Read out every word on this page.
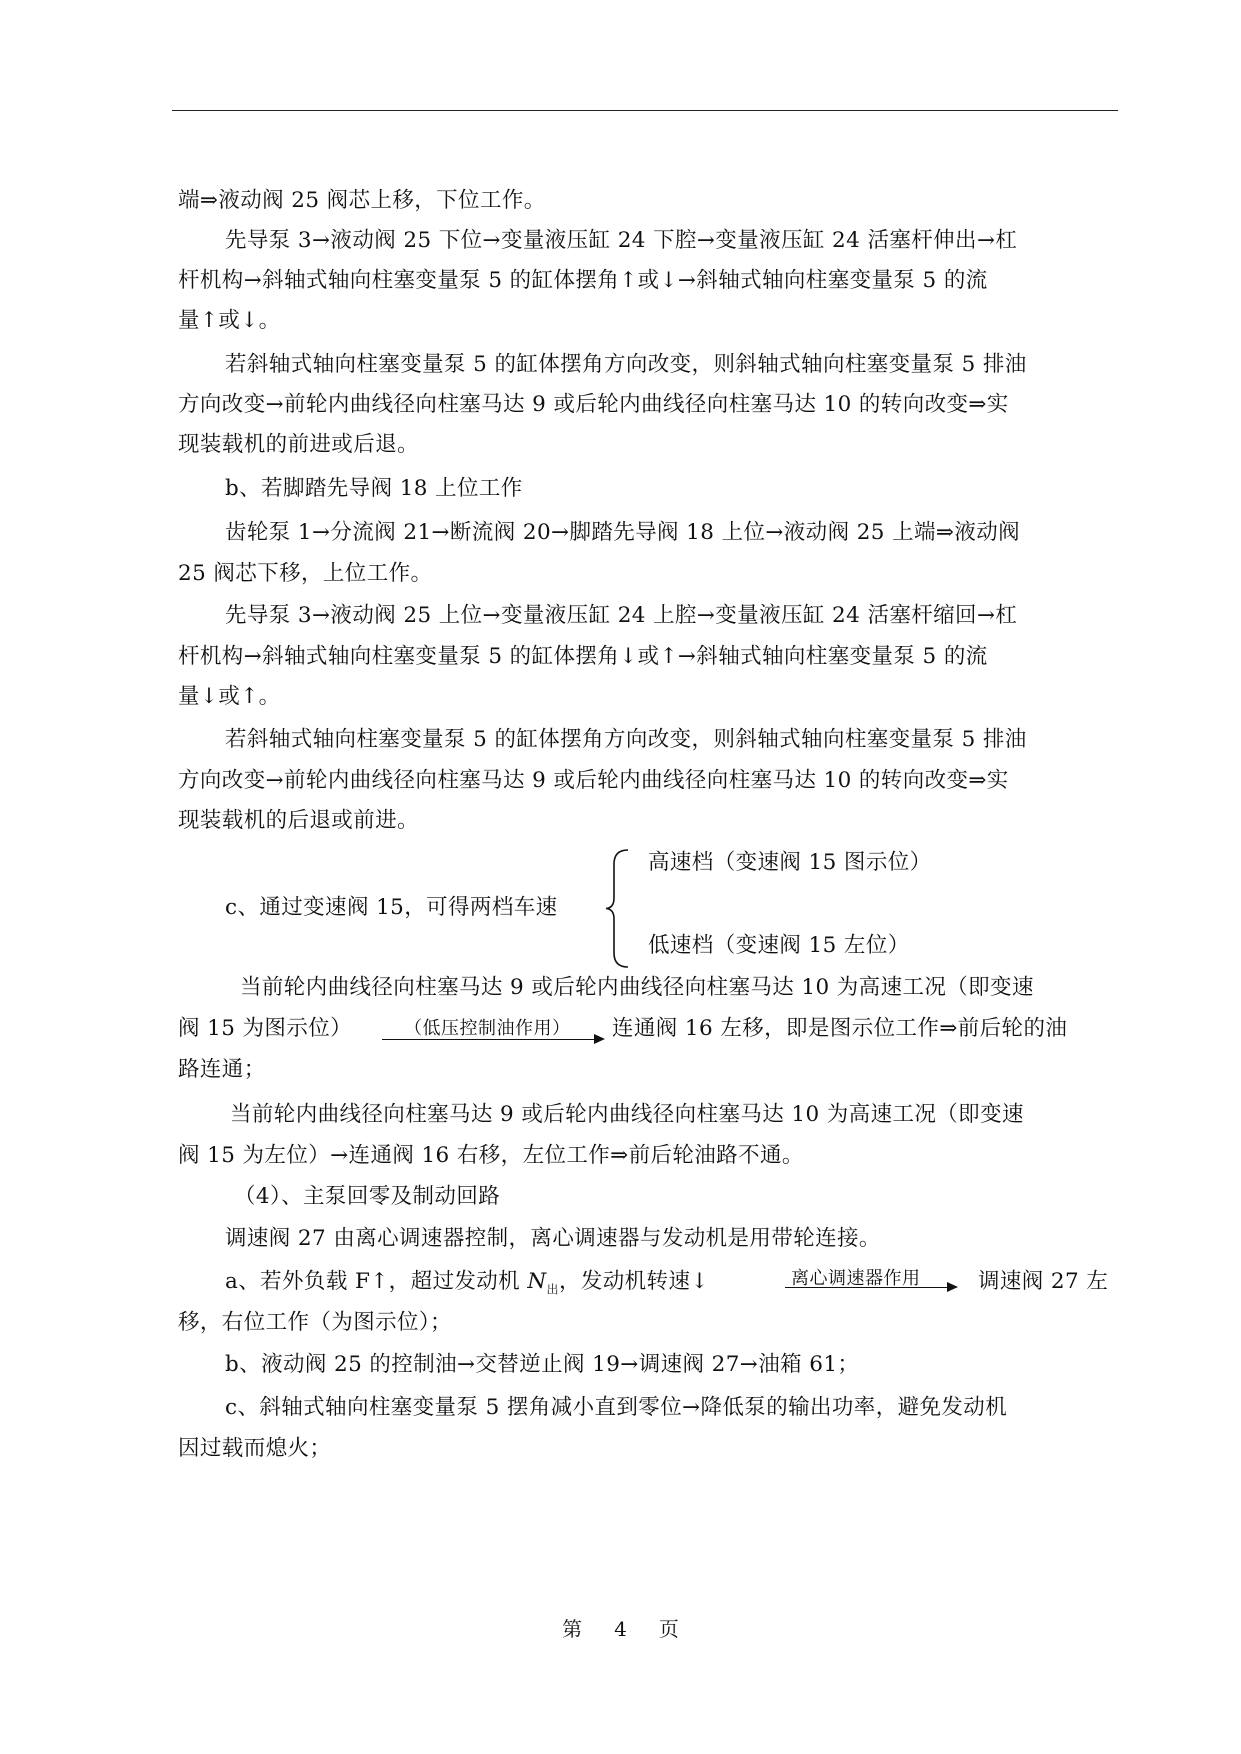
端⇒液动阀 25 阀芯上移，下位工作。
先导泵 3→液动阀 25 下位→变量液压缸 24 下腔→变量液压缸 24 活塞杆伸出→杠
杆机构→斜轴式轴向柱塞变量泵 5 的缸体摆角↑或↓→斜轴式轴向柱塞变量泵 5 的流
量↑或↓。
若斜轴式轴向柱塞变量泵 5 的缸体摆角方向改变，则斜轴式轴向柱塞变量泵 5 排油
方向改变→前轮内曲线径向柱塞马达 9 或后轮内曲线径向柱塞马达 10 的转向改变⇒实
现装载机的前进或后退。
b、若脚踏先导阀 18 上位工作
齿轮泵 1→分流阀 21→断流阀 20→脚踏先导阀 18 上位→液动阀 25 上端⇒液动阀
25 阀芯下移，上位工作。
先导泵 3→液动阀 25 上位→变量液压缸 24 上腔→变量液压缸 24 活塞杆缩回→杠
杆机构→斜轴式轴向柱塞变量泵 5 的缸体摆角↓或↑→斜轴式轴向柱塞变量泵 5 的流
量↓或↑。
若斜轴式轴向柱塞变量泵 5 的缸体摆角方向改变，则斜轴式轴向柱塞变量泵 5 排油
方向改变→前轮内曲线径向柱塞马达 9 或后轮内曲线径向柱塞马达 10 的转向改变⇒实
现装载机的后退或前进。
高速档（变速阀 15 图示位）
c、通过变速阀 15，可得两档车速
低速档（变速阀 15 左位）
当前轮内曲线径向柱塞马达 9 或后轮内曲线径向柱塞马达 10 为高速工况（即变速
阀 15 为图示位）	（低压控制油作用） 连通阀 16 左移，即是图示位工作⇒前后轮的油
路连通；
当前轮内曲线径向柱塞马达 9 或后轮内曲线径向柱塞马达 10 为高速工况（即变速
阀 15 为左位）→连通阀 16 右移，左位工作⇒前后轮油路不通。
（4）、主泵回零及制动回路
调速阀 27 由离心调速器控制，离心调速器与发动机是用带轮连接。
a、若外负载 F↑，超过发动机 $N_出$，发动机转速↓	离心调速器作用	调速阀 27 左
移，右位工作（为图示位）；
b、液动阀 25 的控制油→交替逆止阀 19→调速阀 27→油箱 61；
c、斜轴式轴向柱塞变量泵 5 摆角减小直到零位→降低泵的输出功率，避免发动机
因过载而熄火；
第 4 页
